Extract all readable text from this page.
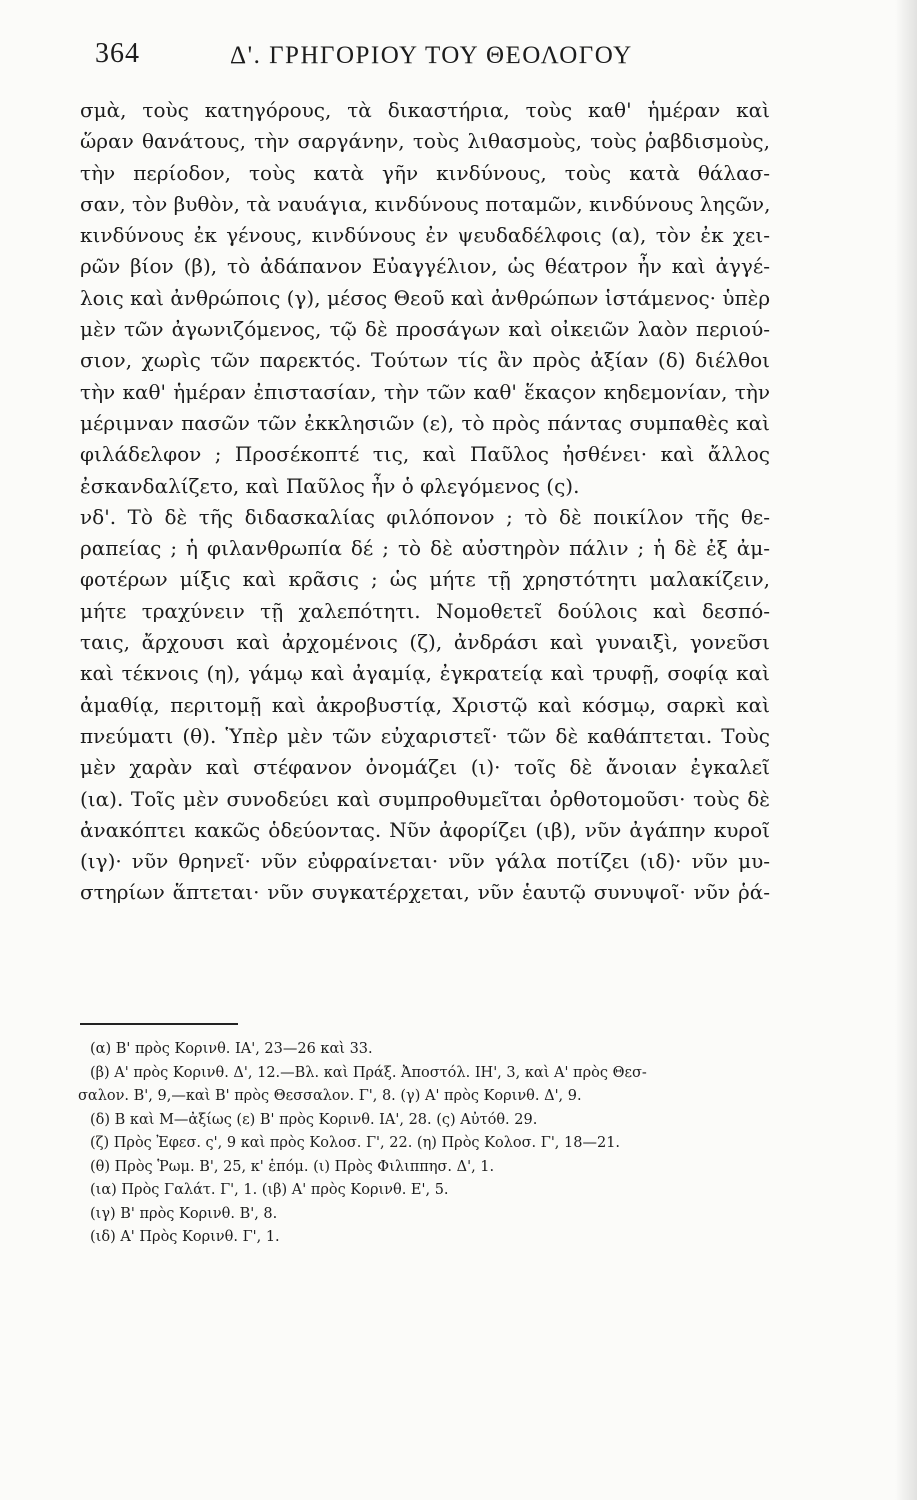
364	Δ'. ΓΡΗΓΟΡΙΟΥ ΤΟΥ ΘΕΟΛΟΓΟΥ
σμὰ, τοὺς κατηγόρους, τὰ δικαστήρια, τοὺς καθ' ἡμέραν καὶ
ὥραν θανάτους, τὴν σαργάνην, τοὺς λιθασμοὺς, τοὺς ῥαβδισμοὺς,
τὴν περίοδον, τοὺς κατὰ γῆν κινδύνους, τοὺς κατὰ θάλασ-
σαν, τὸν βυθὸν, τὰ ναυάγια, κινδύνους ποταμῶν, κινδύνους ληςῶν,
κινδύνους ἐκ γένους, κινδύνους ἐν ψευδαδέλφοις (α), τὸν ἐκ χει-
ρῶν βίον (β), τὸ ἀδάπανον Εὐαγγέλιον, ὡς θέατρον ἦν καὶ ἀγγέ-
λοις καὶ ἀνθρώποις (γ), μέσος Θεοῦ καὶ ἀνθρώπων ἱστάμενος· ὑπὲρ
μὲν τῶν ἀγωνιζόμενος, τῷ δὲ προσάγων καὶ οἰκειῶν λαὸν περιού-
σιον, χωρὶς τῶν παρεκτός. Τούτων τίς ἂν πρὸς ἀξίαν (δ) διέλθοι
τὴν καθ' ἡμέραν ἐπιστασίαν, τὴν τῶν καθ' ἕκαςον κηδεμονίαν, τὴν
μέριμναν πασῶν τῶν ἐκκλησιῶν (ε), τὸ πρὸς πάντας συμπαθὲς καὶ
φιλάδελφον ; Προσέκοπτέ τις, καὶ Παῦλος ἠσθένει· καὶ ἄλλος
ἐσκανδαλίζετο, καὶ Παῦλος ἦν ὁ φλεγόμενος (ς).
νδ'. Τὸ δὲ τῆς διδασκαλίας φιλόπονον ; τὸ δὲ ποικίλον τῆς θε-
ραπείας ; ἡ φιλανθρωπία δέ ; τὸ δὲ αὐστηρὸν πάλιν ; ἡ δὲ ἐξ ἀμ-
φοτέρων μίξις καὶ κρᾶσις ; ὡς μήτε τῇ χρηστότητι μαλακίζειν,
μήτε τραχύνειν τῇ χαλεπότητι. Νομοθετεῖ δούλοις καὶ δεσπό-
ταις, ἄρχουσι καὶ ἀρχομένοις (ζ), ἀνδράσι καὶ γυναιξὶ, γονεῦσι
καὶ τέκνοις (η), γάμῳ καὶ ἀγαμίᾳ, ἐγκρατείᾳ καὶ τρυφῇ, σοφίᾳ καὶ
ἀμαθίᾳ, περιτομῇ καὶ ἀκροβυστίᾳ, Χριστῷ καὶ κόσμῳ, σαρκὶ καὶ
πνεύματι (θ). Ὑπὲρ μὲν τῶν εὐχαριστεῖ· τῶν δὲ καθάπτεται. Τοὺς
μὲν χαρὰν καὶ στέφανον ὀνομάζει (ι)· τοῖς δὲ ἄνοιαν ἐγκαλεῖ
(ια). Τοῖς μὲν συνοδεύει καὶ συμπροθυμεῖται ὀρθοτομοῦσι· τοὺς δὲ
ἀνακόπτει κακῶς ὁδεύοντας. Νῦν ἀφορίζει (ιβ), νῦν ἀγάπην κυροῖ
(ιγ)· νῦν θρηνεῖ· νῦν εὐφραίνεται· νῦν γάλα ποτίζει (ιδ)· νῦν μυ-
στηρίων ἅπτεται· νῦν συγκατέρχεται, νῦν ἑαυτῷ συνυψοῖ· νῦν ῥά-
(α) Β' πρὸς Κορινθ. ΙΑ', 23—26 καὶ 33.
(β) Α' πρὸς Κορινθ. Δ', 12.—Βλ. καὶ Πράξ. Ἀποστόλ. ΙΗ', 3, καὶ Α' πρὸς Θεσ-
σαλον. Β', 9,—καὶ Β' πρὸς Θεσσαλον. Γ', 8. (γ) Α' πρὸς Κορινθ. Δ', 9.
(δ) Β καὶ Μ—ἀξίως (ε) Β' πρὸς Κορινθ. ΙΑ', 28. (ς) Αὐτόθ. 29.
(ζ) Πρὸς Ἐφεσ. ς', 9 καὶ πρὸς Κολοσ. Γ', 22. (η) Πρὸς Κολοσ. Γ', 18—21.
(θ) Πρὸς Ῥωμ. Β', 25, κ' ἑπόμ. (ι) Πρὸς Φιλιππησ. Δ', 1.
(ια) Πρὸς Γαλάτ. Γ', 1. (ιβ) Α' πρὸς Κορινθ. Ε', 5.
(ιγ) Β' πρὸς Κορινθ. Β', 8.
(ιδ) Α' Πρὸς Κορινθ. Γ', 1.
